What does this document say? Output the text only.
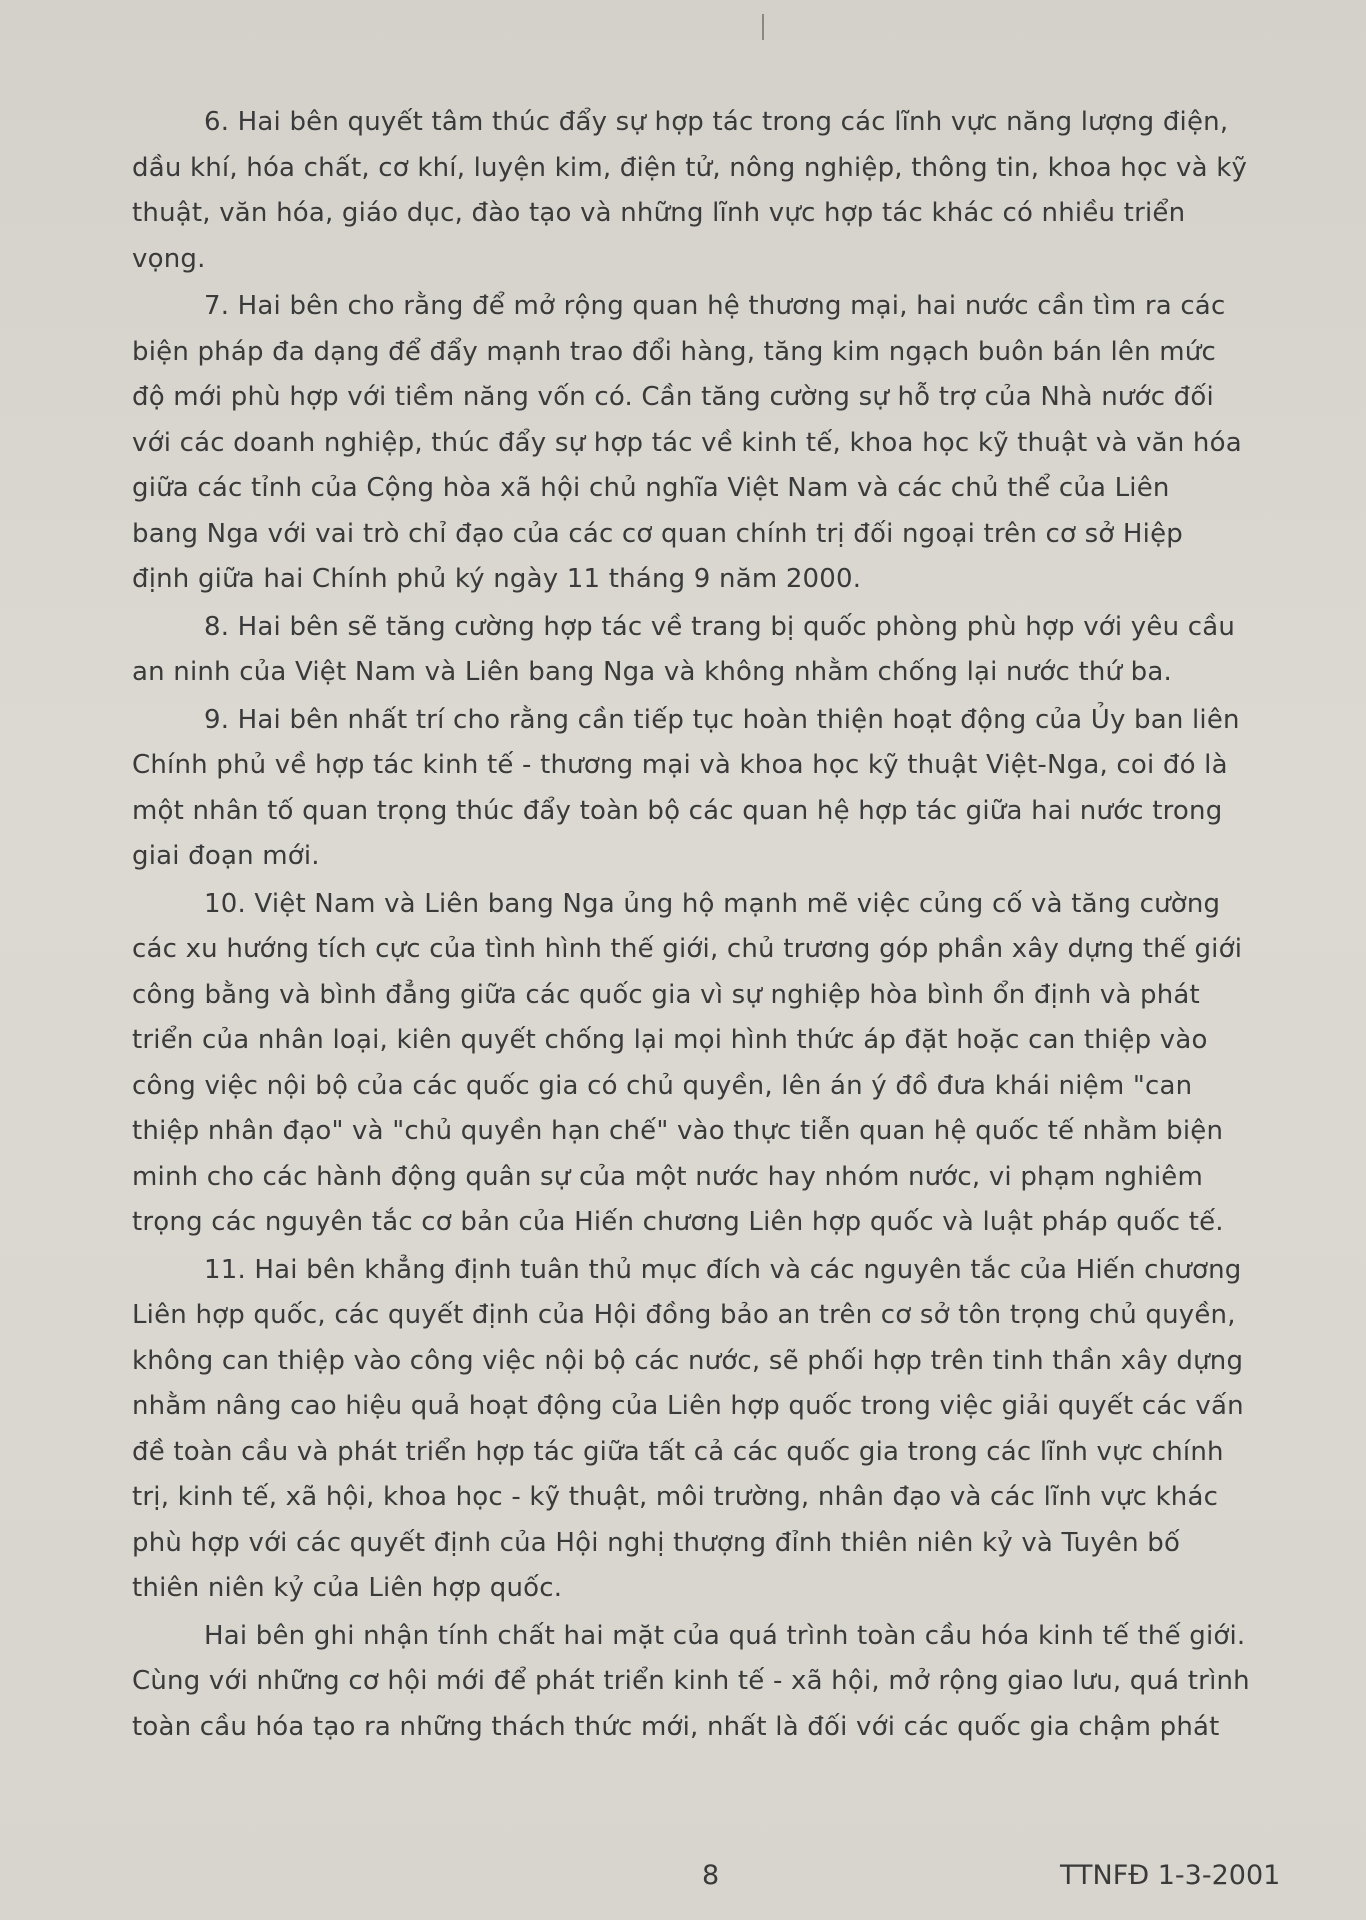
6. Hai bên quyết tâm thúc đẩy sự hợp tác trong các lĩnh vực năng lượng điện,
dầu khí, hóa chất, cơ khí, luyện kim, điện tử, nông nghiệp, thông tin, khoa học và kỹ
thuật, văn hóa, giáo dục, đào tạo và những lĩnh vực hợp tác khác có nhiều triển
vọng.
7. Hai bên cho rằng để mở rộng quan hệ thương mại, hai nước cần tìm ra các
biện pháp đa dạng để đẩy mạnh trao đổi hàng, tăng kim ngạch buôn bán lên mức
độ mới phù hợp với tiềm năng vốn có. Cần tăng cường sự hỗ trợ của Nhà nước đối
với các doanh nghiệp, thúc đẩy sự hợp tác về kinh tế, khoa học kỹ thuật và văn hóa
giữa các tỉnh của Cộng hòa xã hội chủ nghĩa Việt Nam và các chủ thể của Liên
bang Nga với vai trò chỉ đạo của các cơ quan chính trị đối ngoại trên cơ sở Hiệp
định giữa hai Chính phủ ký ngày 11 tháng 9 năm 2000.
8. Hai bên sẽ tăng cường hợp tác về trang bị quốc phòng phù hợp với yêu cầu
an ninh của Việt Nam và Liên bang Nga và không nhằm chống lại nước thứ ba.
9. Hai bên nhất trí cho rằng cần tiếp tục hoàn thiện hoạt động của Ủy ban liên
Chính phủ về hợp tác kinh tế - thương mại và khoa học kỹ thuật Việt-Nga, coi đó là
một nhân tố quan trọng thúc đẩy toàn bộ các quan hệ hợp tác giữa hai nước trong
giai đoạn mới.
10. Việt Nam và Liên bang Nga ủng hộ mạnh mẽ việc củng cố và tăng cường
các xu hướng tích cực của tình hình thế giới, chủ trương góp phần xây dựng thế giới
công bằng và bình đẳng giữa các quốc gia vì sự nghiệp hòa bình ổn định và phát
triển của nhân loại, kiên quyết chống lại mọi hình thức áp đặt hoặc can thiệp vào
công việc nội bộ của các quốc gia có chủ quyền, lên án ý đồ đưa khái niệm "can
thiệp nhân đạo" và "chủ quyền hạn chế" vào thực tiễn quan hệ quốc tế nhằm biện
minh cho các hành động quân sự của một nước hay nhóm nước, vi phạm nghiêm
trọng các nguyên tắc cơ bản của Hiến chương Liên hợp quốc và luật pháp quốc tế.
11. Hai bên khẳng định tuân thủ mục đích và các nguyên tắc của Hiến chương
Liên hợp quốc, các quyết định của Hội đồng bảo an trên cơ sở tôn trọng chủ quyền,
không can thiệp vào công việc nội bộ các nước, sẽ phối hợp trên tinh thần xây dựng
nhằm nâng cao hiệu quả hoạt động của Liên hợp quốc trong việc giải quyết các vấn
đề toàn cầu và phát triển hợp tác giữa tất cả các quốc gia trong các lĩnh vực chính
trị, kinh tế, xã hội, khoa học - kỹ thuật, môi trường, nhân đạo và các lĩnh vực khác
phù hợp với các quyết định của Hội nghị thượng đỉnh thiên niên kỷ và Tuyên bố
thiên niên kỷ của Liên hợp quốc.
Hai bên ghi nhận tính chất hai mặt của quá trình toàn cầu hóa kinh tế thế giới.
Cùng với những cơ hội mới để phát triển kinh tế - xã hội, mở rộng giao lưu, quá trình
toàn cầu hóa tạo ra những thách thức mới, nhất là đối với các quốc gia chậm phát
8	TTNFĐ 1-3-2001
